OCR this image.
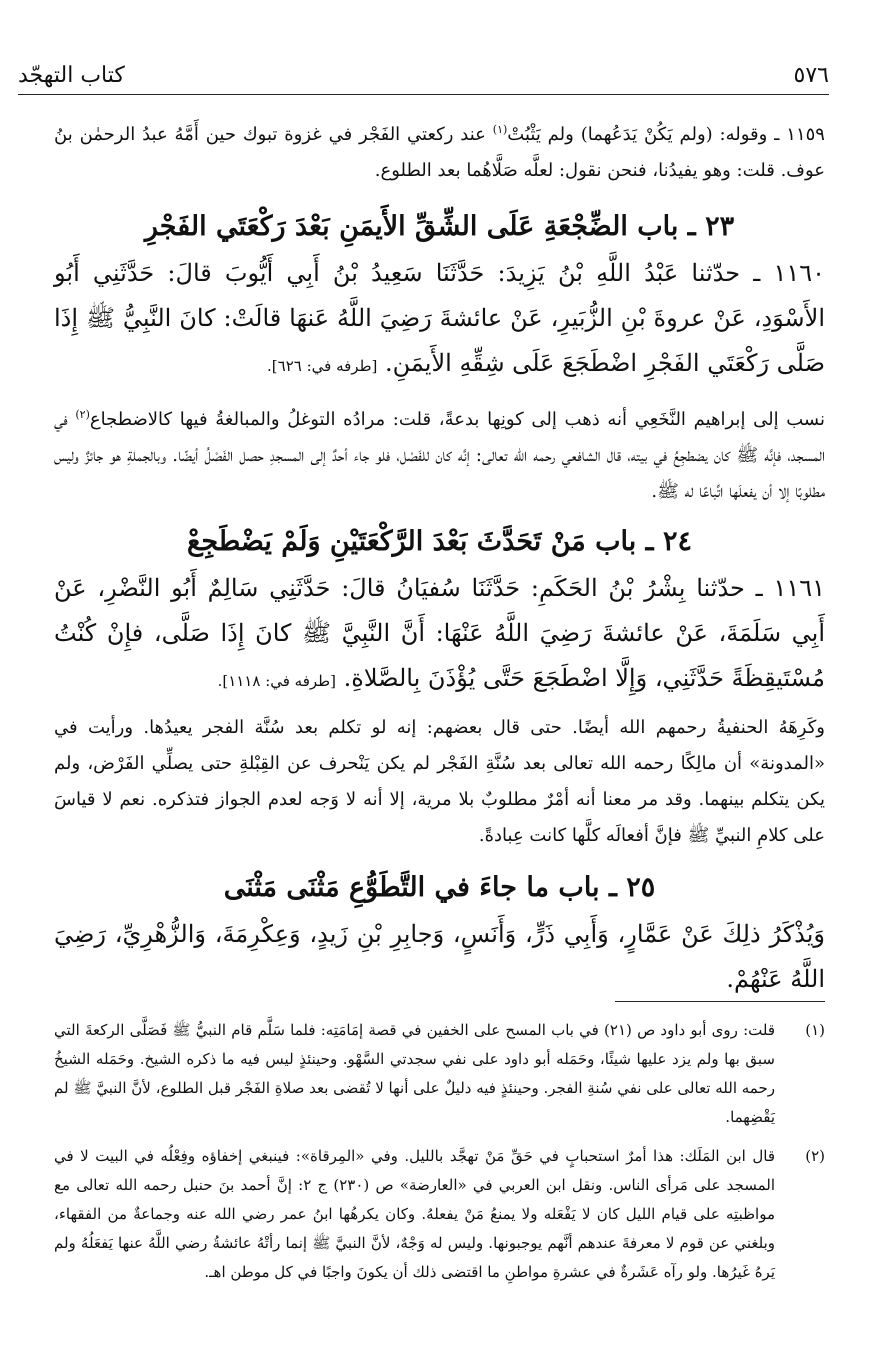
٥٧٦
كتاب التهجّد

١١٥٩ ـ وقوله: (ولم يَكُنْ يَدَعُهما) ولم يَثْبُتْ$^{(١)}$ عند ركعتي الفَجْر في غزوة تبوك حين أَمَّهُ عبدُ الرحمٰن بنُ عوف. قلت: وهو يفيدُنا، فنحن نقول: لعلَّه صَلَّاهُما بعد الطلوع.

٢٣ ـ باب الضِّجْعَةِ عَلَى الشِّقِّ الأَيمَنِ بَعْدَ رَكْعَتَي الفَجْرِ

١١٦٠ ـ حدّثنا عَبْدُ اللَّهِ بْنُ يَزِيدَ: حَدَّثَنَا سَعِيدُ بْنُ أَبِي أَيُّوبَ قالَ: حَدَّثَنِي أَبُو الأَسْوَدِ، عَنْ عروةَ بْنِ الزُّبَيرِ، عَنْ عائشةَ رَضِيَ اللَّهُ عَنهَا قالَتْ: كانَ النَّبِيُّ ﷺ إِذَا صَلَّى رَكْعَتَي الفَجْرِ اضْطَجَعَ عَلَى شِقِّهِ الأَيمَنِ. [طرفه في: ٦٢٦].

نسب إلى إبراهيم النَّخَعِي أنه ذهب إلى كونِها بدعةً، قلت: مرادُه التوغلُ والمبالغةُ فيها كالاضطجاع$^{(٢)}$ في المسجد، فإنَّه ﷺ كان يضطجِعُ في بيته، قال الشافعي رحمه الله تعالى: إنَّه كان للفَصْل، فلو جاء أحدٌ إلى المسجدِ حصل الفَصْلُ أيضًا. وبالجملةِ هو جائزٌ وليس مطلوبًا إلا أن يفعلَها اتِّباعًا له ﷺ.

٢٤ ـ باب مَنْ تَحَدَّثَ بَعْدَ الرَّكْعَتَيْنِ وَلَمْ يَضْطَجِعْ

١١٦١ ـ حدّثنا بِشْرُ بْنُ الحَكَمِ: حَدَّثَنَا سُفيَانُ قالَ: حَدَّثَنِي سَالِمٌ أَبُو النَّضْرِ، عَنْ أَبِي سَلَمَةَ، عَنْ عائشةَ رَضِيَ اللَّهُ عَنْهَا: أَنَّ النَّبِيَّ ﷺ كانَ إِذَا صَلَّى، فإِنْ كُنْتُ مُسْتَيقِظَةً حَدَّثَنِي، وَإِلَّا اضْطَجَعَ حَتَّى يُؤْذَنَ بِالصَّلاةِ. [طرفه في: ١١١٨].

وكَرِهَهُ الحنفيةُ رحمهم الله أيضًا. حتى قال بعضهم: إنه لو تكلم بعد سُنَّة الفجر يعيدُها. ورأيت في «المدونة» أن مالِكًا رحمه الله تعالى بعد سُنَّةِ الفَجْر لم يكن يَنْحرف عن القِبْلةِ حتى يصلِّي الفَرْض، ولم يكن يتكلم بينهما. وقد مر معنا أنه أمْرٌ مطلوبٌ بلا مرية، إلا أنه لا وَجه لعدم الجواز فتذكره. نعم لا قياسَ على كلامِ النبيِّ ﷺ فإنَّ أفعالَه كلَّها كانت عِبادةً.

٢٥ ـ باب ما جاءَ في التَّطَوُّعِ مَثْنَى مَثْنَى

وَيُذْكَرُ ذلِكَ عَنْ عَمَّارٍ، وَأَبِي ذَرٍّ، وَأَنَسٍ، وَجابِرِ بْنِ زَيدٍ، وَعِكْرِمَةَ، وَالزُّهْرِيِّ، رَضِيَ اللَّهُ عَنْهُمْ.

(١)

قلت: روى أبو داود ص (٢١) في باب المسح على الخفين في قصة إمَامَتِه: فلما سَلَّم قام النبيُّ ﷺ فَصَلَّى الركعةَ التي سبق بها ولم يزد عليها شيئًا، وحَمَله أبو داود على نفي سجدتي السَّهْو. وحينئذٍ ليس فيه ما ذكره الشيخ. وحَمَله الشيخُ رحمه الله تعالى على نفي سُنةِ الفجر. وحينئذٍ فيه دليلٌ على أنها لا تُقضى بعد صلاةِ الفَجْر قبل الطلوع، لأنَّ النبيَّ ﷺ لم يَقْضِهما.

(٢)

قال ابن المَلَك: هذا أمرٌ استحبابٍ في حَقِّ مَنْ تهجَّد بالليل. وفي «المِرقاة»: فينبغي إخفاؤه وفِعْلُه في البيت لا في المسجد على مَرأى الناس. ونقل ابن العربي في «العارضة» ص (٢٣٠) ج ٢: إنَّ أحمد بنَ حنبل رحمه الله تعالى مع مواظبتِه على قيام الليل كان لا يَفْعَله ولا يمنعُ مَنْ يفعلهُ. وكان يكرهُها ابنُ عمر رضي الله عنه وجماعةٌ من الفقهاء، وبلغني عن قوم لا معرفةَ عندهم أنَّهم يوجبونها. وليس له وَجْهٌ، لأنَّ النبيَّ ﷺ إنما رأتْهُ عائشةُ رضي اللَّهُ عنها يَفعَلُهُ ولم يَرهُ غَيرُها. ولو رآه عَشَرةٌ في عشرةِ مواطنِ ما اقتضى ذلك أن يكونَ واجبًا في كل موطن اهـ.
